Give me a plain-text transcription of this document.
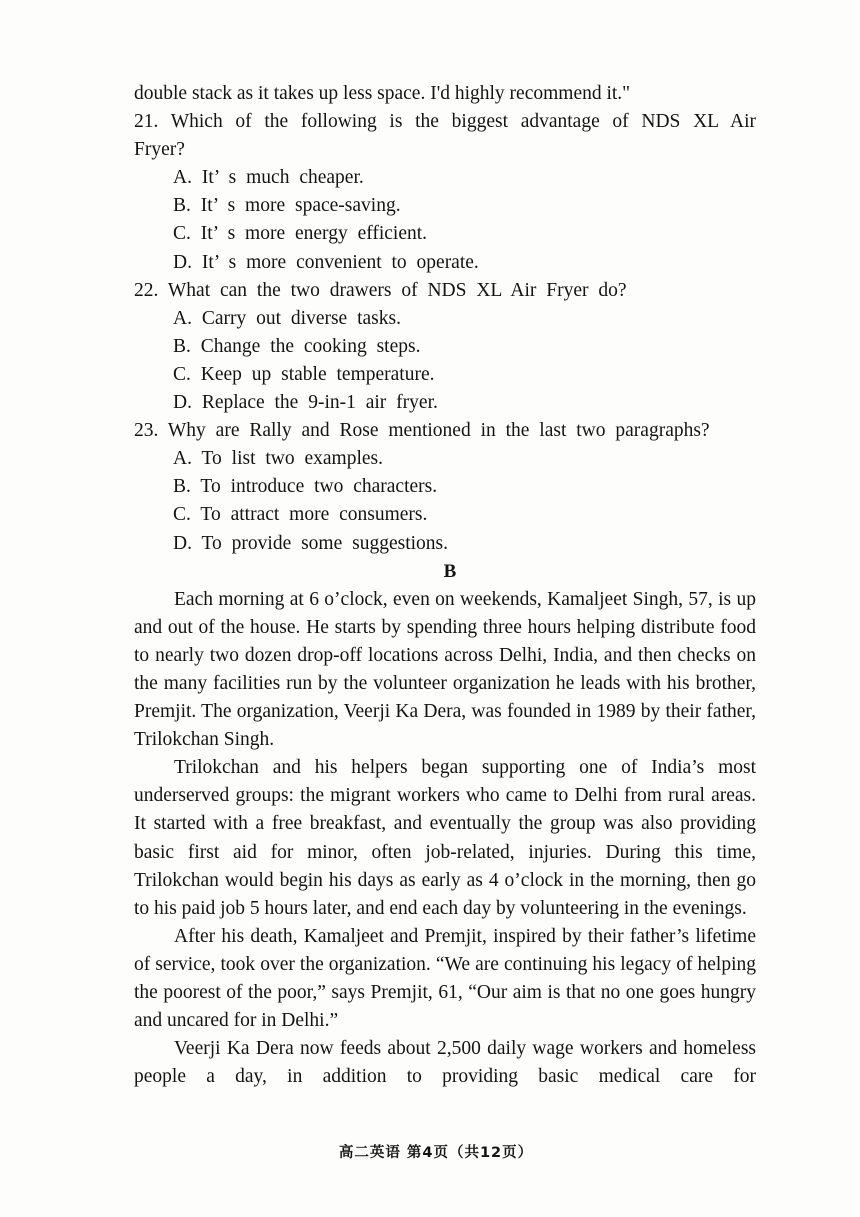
double stack as it takes up less space. I'd highly recommend it."
21. Which of the following is the biggest advantage of NDS XL Air Fryer?
A. It’ s much cheaper.
B. It’ s more space-saving.
C. It’ s more energy efficient.
D. It’ s more convenient to operate.
22. What can the two drawers of NDS XL Air Fryer do?
A. Carry out diverse tasks.
B. Change the cooking steps.
C. Keep up stable temperature.
D. Replace the 9-in-1 air fryer.
23. Why are Rally and Rose mentioned in the last two paragraphs?
A. To list two examples.
B. To introduce two characters.
C. To attract more consumers.
D. To provide some suggestions.
B
Each morning at 6 o’clock, even on weekends, Kamaljeet Singh, 57, is up and out of the house. He starts by spending three hours helping distribute food to nearly two dozen drop-off locations across Delhi, India, and then checks on the many facilities run by the volunteer organization he leads with his brother, Premjit. The organization, Veerji Ka Dera, was founded in 1989 by their father, Trilokchan Singh.
Trilokchan and his helpers began supporting one of India’s most underserved groups: the migrant workers who came to Delhi from rural areas. It started with a free breakfast, and eventually the group was also providing basic first aid for minor, often job-related, injuries. During this time, Trilokchan would begin his days as early as 4 o’clock in the morning, then go to his paid job 5 hours later, and end each day by volunteering in the evenings.
After his death, Kamaljeet and Premjit, inspired by their father’s lifetime of service, took over the organization. “We are continuing his legacy of helping the poorest of the poor,” says Premjit, 61, “Our aim is that no one goes hungry and uncared for in Delhi.”
Veerji Ka Dera now feeds about 2,500 daily wage workers and homeless people a day, in addition to providing basic medical care for
高二英语 第4页（共12页）
